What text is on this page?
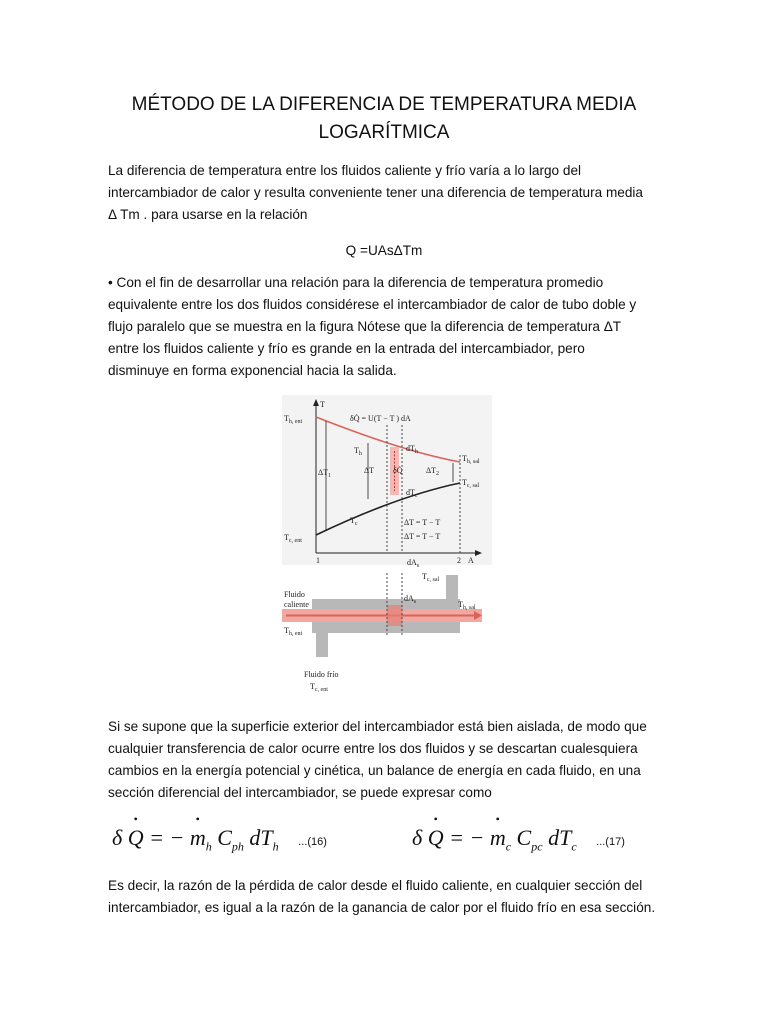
MÉTODO DE LA DIFERENCIA DE TEMPERATURA MEDIA
LOGARÍTMICA
La diferencia de temperatura entre los fluidos caliente y frío varía a lo largo del
intercambiador de calor y resulta conveniente tener una diferencia de temperatura media
Δ Tm . para usarse en la relación
Q =UAsΔTm
• Con el fin de desarrollar una relación para la diferencia de temperatura promedio
equivalente entre los dos fluidos considérese el intercambiador de calor de tubo doble y
flujo paralelo que se muestra en la figura Nótese que la diferencia de temperatura ΔT
entre los fluidos caliente y frío es grande en la entrada del intercambiador, pero
disminuye en forma exponencial hacia la salida.
T
A
$T_{h, ent}$	δQ̇ = U(T − T ) dA
$dT_h$
$T_h$	$T_{h, sal}$
$\Delta T_1$
ΔT δQ̇	$\Delta T_2$
$T_{c, sal}$
$dT_c$
$T_c$
$T_{c, ent}$
ΔT = T − T
ΔT = T − T
1	2
$dA_s$
Fluido
caliente
$T_{h, ent}$
$dA_s$
$T_{c, sal}$
$T_{h, sal}$
Fluido frío
$T_{c, ent}$
Si se supone que la superficie exterior del intercambiador está bien aislada, de modo que
cualquier transferencia de calor ocurre entre los dos fluidos y se descartan cualesquiera
cambios en la energía potencial y cinética, un balance de energía en cada fluido, en una
sección diferencial del intercambiador, se puede expresar como
δ • Q = − • $m_h$ $C_{ph}$ $dT_h$ ...(16)	δ • Q = − • $m_c$ $C_{pc}$ $dT_c$ ...(17)
Es decir, la razón de la pérdida de calor desde el fluido caliente, en cualquier sección del
intercambiador, es igual a la razón de la ganancia de calor por el fluido frío en esa sección.
